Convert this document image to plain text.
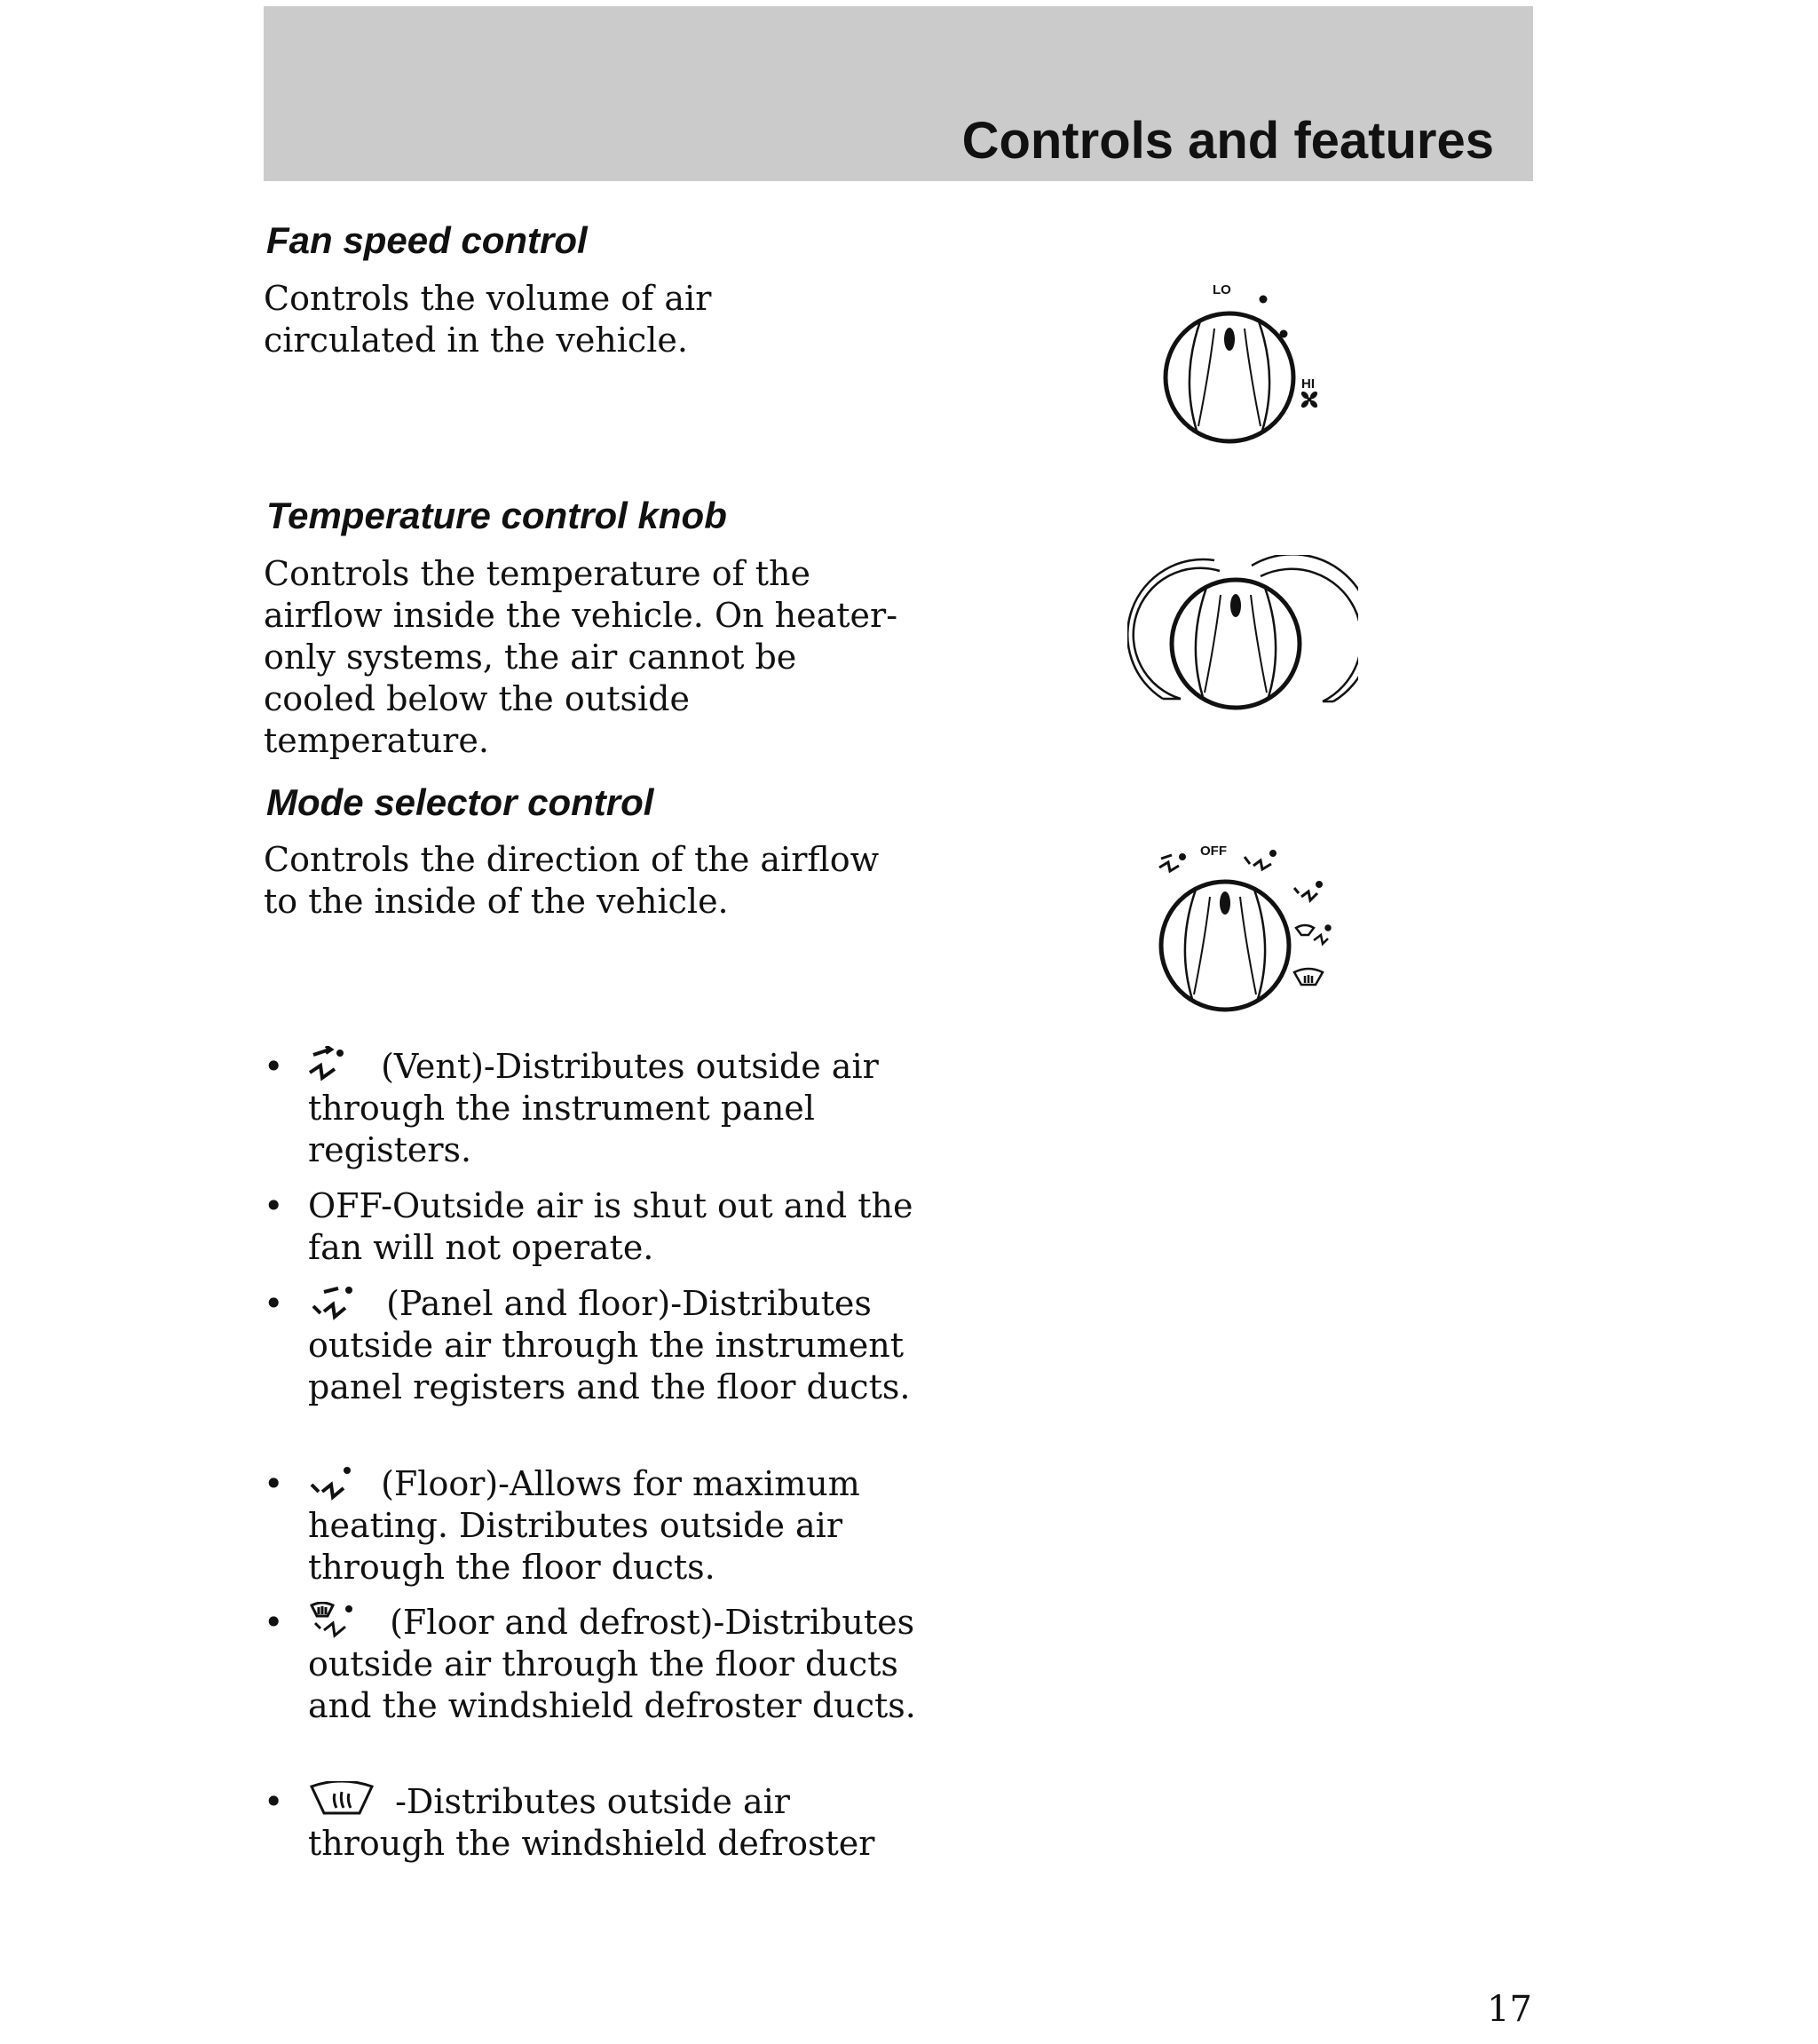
Controls and features
Fan speed control

Controls the volume of air circulated in the vehicle.

Temperature control knob

Controls the temperature of the airflow inside the vehicle. On heater-only systems, the air cannot be cooled below the outside temperature.

Mode selector control

Controls the direction of the airflow to the inside of the vehicle.

LO
HI
OFF
•	(Vent)-Distributes outside air through the instrument panel registers.
• OFF-Outside air is shut out and the fan will not operate.
•	(Panel and floor)-Distributes outside air through the instrument panel registers and the floor ducts.
•	(Floor)-Allows for maximum heating. Distributes outside air through the floor ducts.
•	(Floor and defrost)-Distributes outside air through the floor ducts and the windshield defroster ducts.
•	-Distributes outside air through the windshield defroster

17
